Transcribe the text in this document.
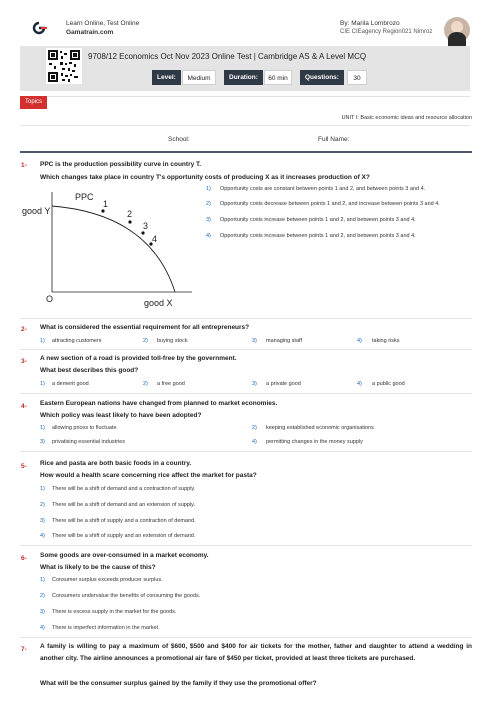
Learn Online, Test Online
Gamatrain.com
By: Marila Lombrozo
CIE CIEagency Region021 Nimroz
9708/12 Economics Oct Nov 2023 Online Test | Cambridge AS & A Level MCQ
Level:	Medium	Duration:	60 min	Questions:	30
Topics
UNIT I: Basic economic ideas and resource allocation
School:	Full Name:
1- PPC is the production possibility curve in country T.
Which changes take place in country T's opportunity costs of producing X as it increases production of X?
PPC
good Y
good X
O
1
2
3
4
1) Opportunity costs are constant between points 1 and 2, and between points 3 and 4.
2) Opportunity costs decrease between points 1 and 2, and increase between points 3 and 4.
3) Opportunity costs increase between points 1 and 2, and between points 3 and 4.
4) Opportunity costs increase between points 1 and 2, and between points 3 and 4.
2- What is considered the essential requirement for all entrepreneurs?
1) attracting customers	2) buying stock	3) managing staff	4) taking risks
3- A new section of a road is provided toll-free by the government.
What best describes this good?
1) a demerit good	2) a free good	3) a private good	4) a public good
4- Eastern European nations have changed from planned to market economies.
Which policy was least likely to have been adopted?
1) allowing prices to fluctuate	2) keeping established economic organisations
3) privatising essential industries	4) permitting changes in the money supply
5- Rice and pasta are both basic foods in a country.
How would a health scare concerning rice affect the market for pasta?
1) There will be a shift of demand and a contraction of supply.
2) There will be a shift of demand and an extension of supply.
3) There will be a shift of supply and a contraction of demand.
4) There will be a shift of supply and an extension of demand.
6- Some goods are over-consumed in a market economy.
What is likely to be the cause of this?
1) Consumer surplus exceeds producer surplus.
2) Consumers undervalue the benefits of consuming the goods.
3) There is excess supply in the market for the goods.
4) There is imperfect information in the market.
7- A family is willing to pay a maximum of $600, $500 and $400 for air tickets for the mother, father and daughter to attend a wedding in another city. The airline announces a promotional air fare of $450 per ticket, provided at least three tickets are purchased.
What will be the consumer surplus gained by the family if they use the promotional offer?
